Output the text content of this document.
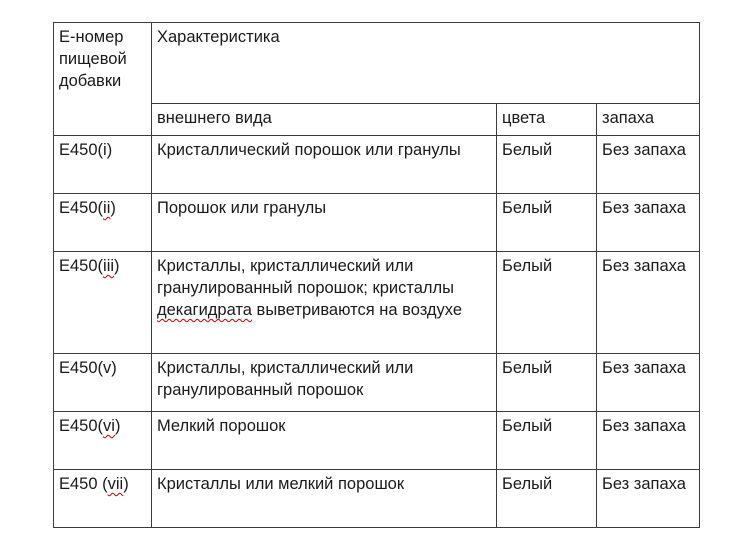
Е-номер пищевой добавки	Характеристика		
	внешнего вида	цвета	запаха
Е450(i)	Кристаллический порошок или гранулы	Белый	Без запаха
Е450(ii)	Порошок или гранулы	Белый	Без запаха
Е450(iii)	Кристаллы, кристаллический или гранулированный порошок; кристаллы декагидрата выветриваются на воздухе	Белый	Без запаха
Е450(v)	Кристаллы, кристаллический или гранулированный порошок	Белый	Без запаха
Е450(vi)	Мелкий порошок	Белый	Без запаха
Е450 (vii)	Кристаллы или мелкий порошок	Белый	Без запаха
